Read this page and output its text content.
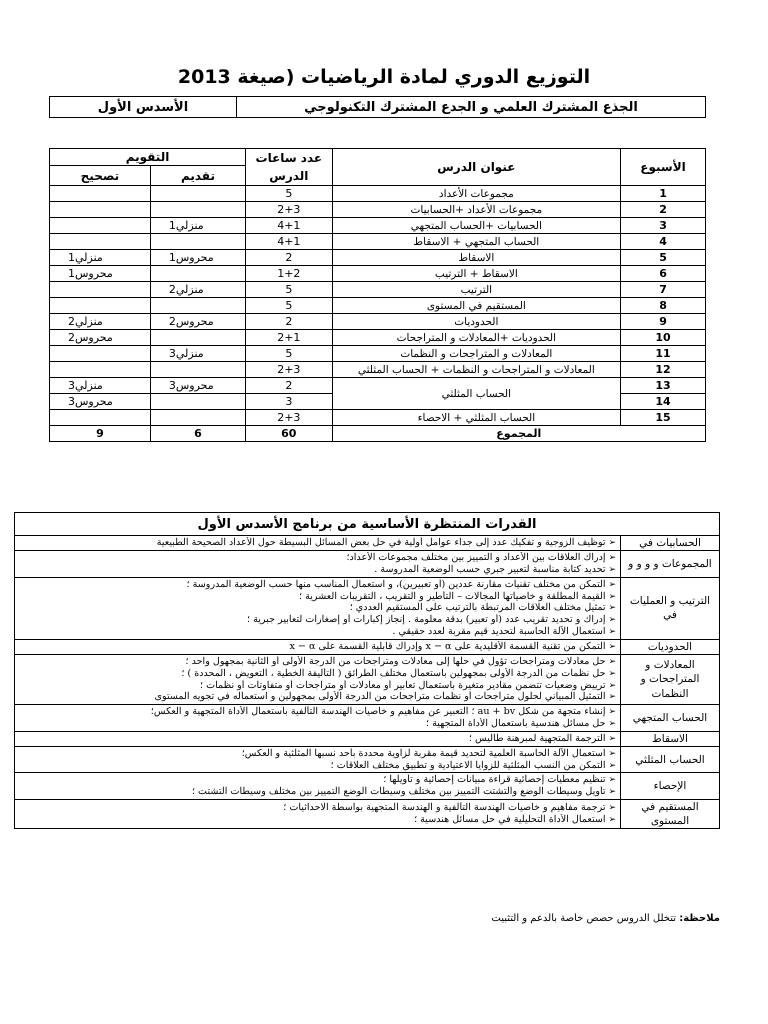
التوزيع الدوري لمادة الرياضيات (صيغة 2013
الجذع المشترك العلمي و الجدع المشترك التكنولوجي	الأسدس الأول
الأسبوع	عنوان الدرس	عدد ساعات الدرس	التقويم	
			تقديم	تصحيح
1	مجموعات الأعداد	5		
2	مجموعات الأعداد +الحسابيات	2+3		
3	الحسابيات +الحساب المتجهي	4+1	منزلي1	
4	الحساب المتجهي + الاسقاط	4+1		
5	الاسقاط	2	محروس1	منزلي1
6	الاسقاط + الترتيب	1+2		محروس1
7	الترتيب	5	منزلي2	
8	المستقيم في المستوى	5		
9	الحدوديات	2	محروس2	منزلي2
10	الحدوديات +المعادلات و المتراجحات	2+1		محروس2
11	المعادلات و المتراجحات و النظمات	5	منزلي3	
12	المعادلات و المتراجحات و النظمات + الحساب المثلثي	2+3		
13	الحساب المثلثي	2	محروس3	منزلي3
14		3		محروس3
15	الحساب المثلثي + الاحصاء	2+3		
المجموع		60	6	9
القدرات المنتظرة الأساسية من برنامج الأسدس الأول	
الحسابيات في	➢ توظيف الزوجية و تفكيك عدد إلى جداء عوامل أولية في حل بعض المسائل البسيطة حول الأعداد الصحيحة الطبيعية

المجموعات و و و و	➢ إدراك العلاقات بين الأعداد و التمييز بين مختلف مجموعات الأعداد؛
➢ تحديد كتابة مناسبة لتعبير جبري حسب الوضعية المدروسة .

الترتيب و العمليات في	➢ التمكن من مختلف تقنيات مقارنة عددين (أو تعبيرين)، و استعمال المناسب منها حسب الوضعية المدروسة ؛
➢ القيمة المطلقة و خاصياتها المجالات – التأطير و التقريب ، التقريبات العشرية ؛
➢ تمثيل مختلف العلاقات المرتبطة بالترتيب على المستقيم العددي ؛
➢ إدراك و تحديد تقريب عدد (أو تعبير) بدقة معلومة . إنجاز إكبارات أو إصغارات لتعابير جبرية ؛
➢ استعمال الآلة الحاسبة لتحديد قيم مقربة لعدد حقيقي .

الحدوديات	➢ التمكن من تقنية القسمة الأقليدية على x − α وإدراك قابلية القسمة على x − α

المعادلات و المتراجحات و النظمات	➢ حل معادلات ومتراجحات تؤول في حلها إلى معادلات ومتراجحات من الدرجة الأولى أو الثانية بمجهول واحد ؛
➢ حل نظمات من الدرجة الأولى بمجهولين باستعمال مختلف الطرائق ( التأليفة الخطية ، التعويض ، المحددة ) ؛
➢ ترييض وضعيات تتضمن مقادير متغيرة باستعمال تعابير أو معادلات أو متراجحات أو متفاوتات أو نظمات ؛
➢ التمثيل المبياني لحلول متراجحات أو نظمات متراجحات من الدرجة الأولى بمجهولين و استعماله في تجويه المستوى

الحساب المتجهي	➢ إنشاء متجهة من شكل au + bv ؛ التعبير عن مفاهيم و خاصيات الهندسة التآلفية باستعمال الأداة المتجهية و العكس؛
➢ حل مسائل هندسية باستعمال الأداة المتجهية ؛

الاسقاط	➢ الترجمة المتجهية لمبرهنة طاليس ؛

الحساب المثلثي	➢ استعمال الآلة الحاسبة العلمية لتحديد قيمة مقربة لزاوية محددة بأحد نسبها المثلثية و العكس؛
➢ التمكن من النسب المثلثية للزوايا الاعتيادية و تطبيق مختلف العلاقات ؛

الإحصاء	➢ تنظيم معطيات إحصائية قراءة مبيانات إحصائية و تأويلها ؛
➢ تأويل وسيطات الوضع والتشتت التمييز بين مختلف وسيطات الوضع التمييز بين مختلف وسيطات التشتت ؛

المستقيم في المستوى	➢ ترجمة مفاهيم و خاصيات الهندسة التآلفية و الهندسة المتجهية بواسطة الاحداثيات ؛
➢ استعمال الأداة التحليلية في حل مسائل هندسية ؛
ملاحظة: تتخلل الدروس حصص خاصة بالدعم و التثبيت
